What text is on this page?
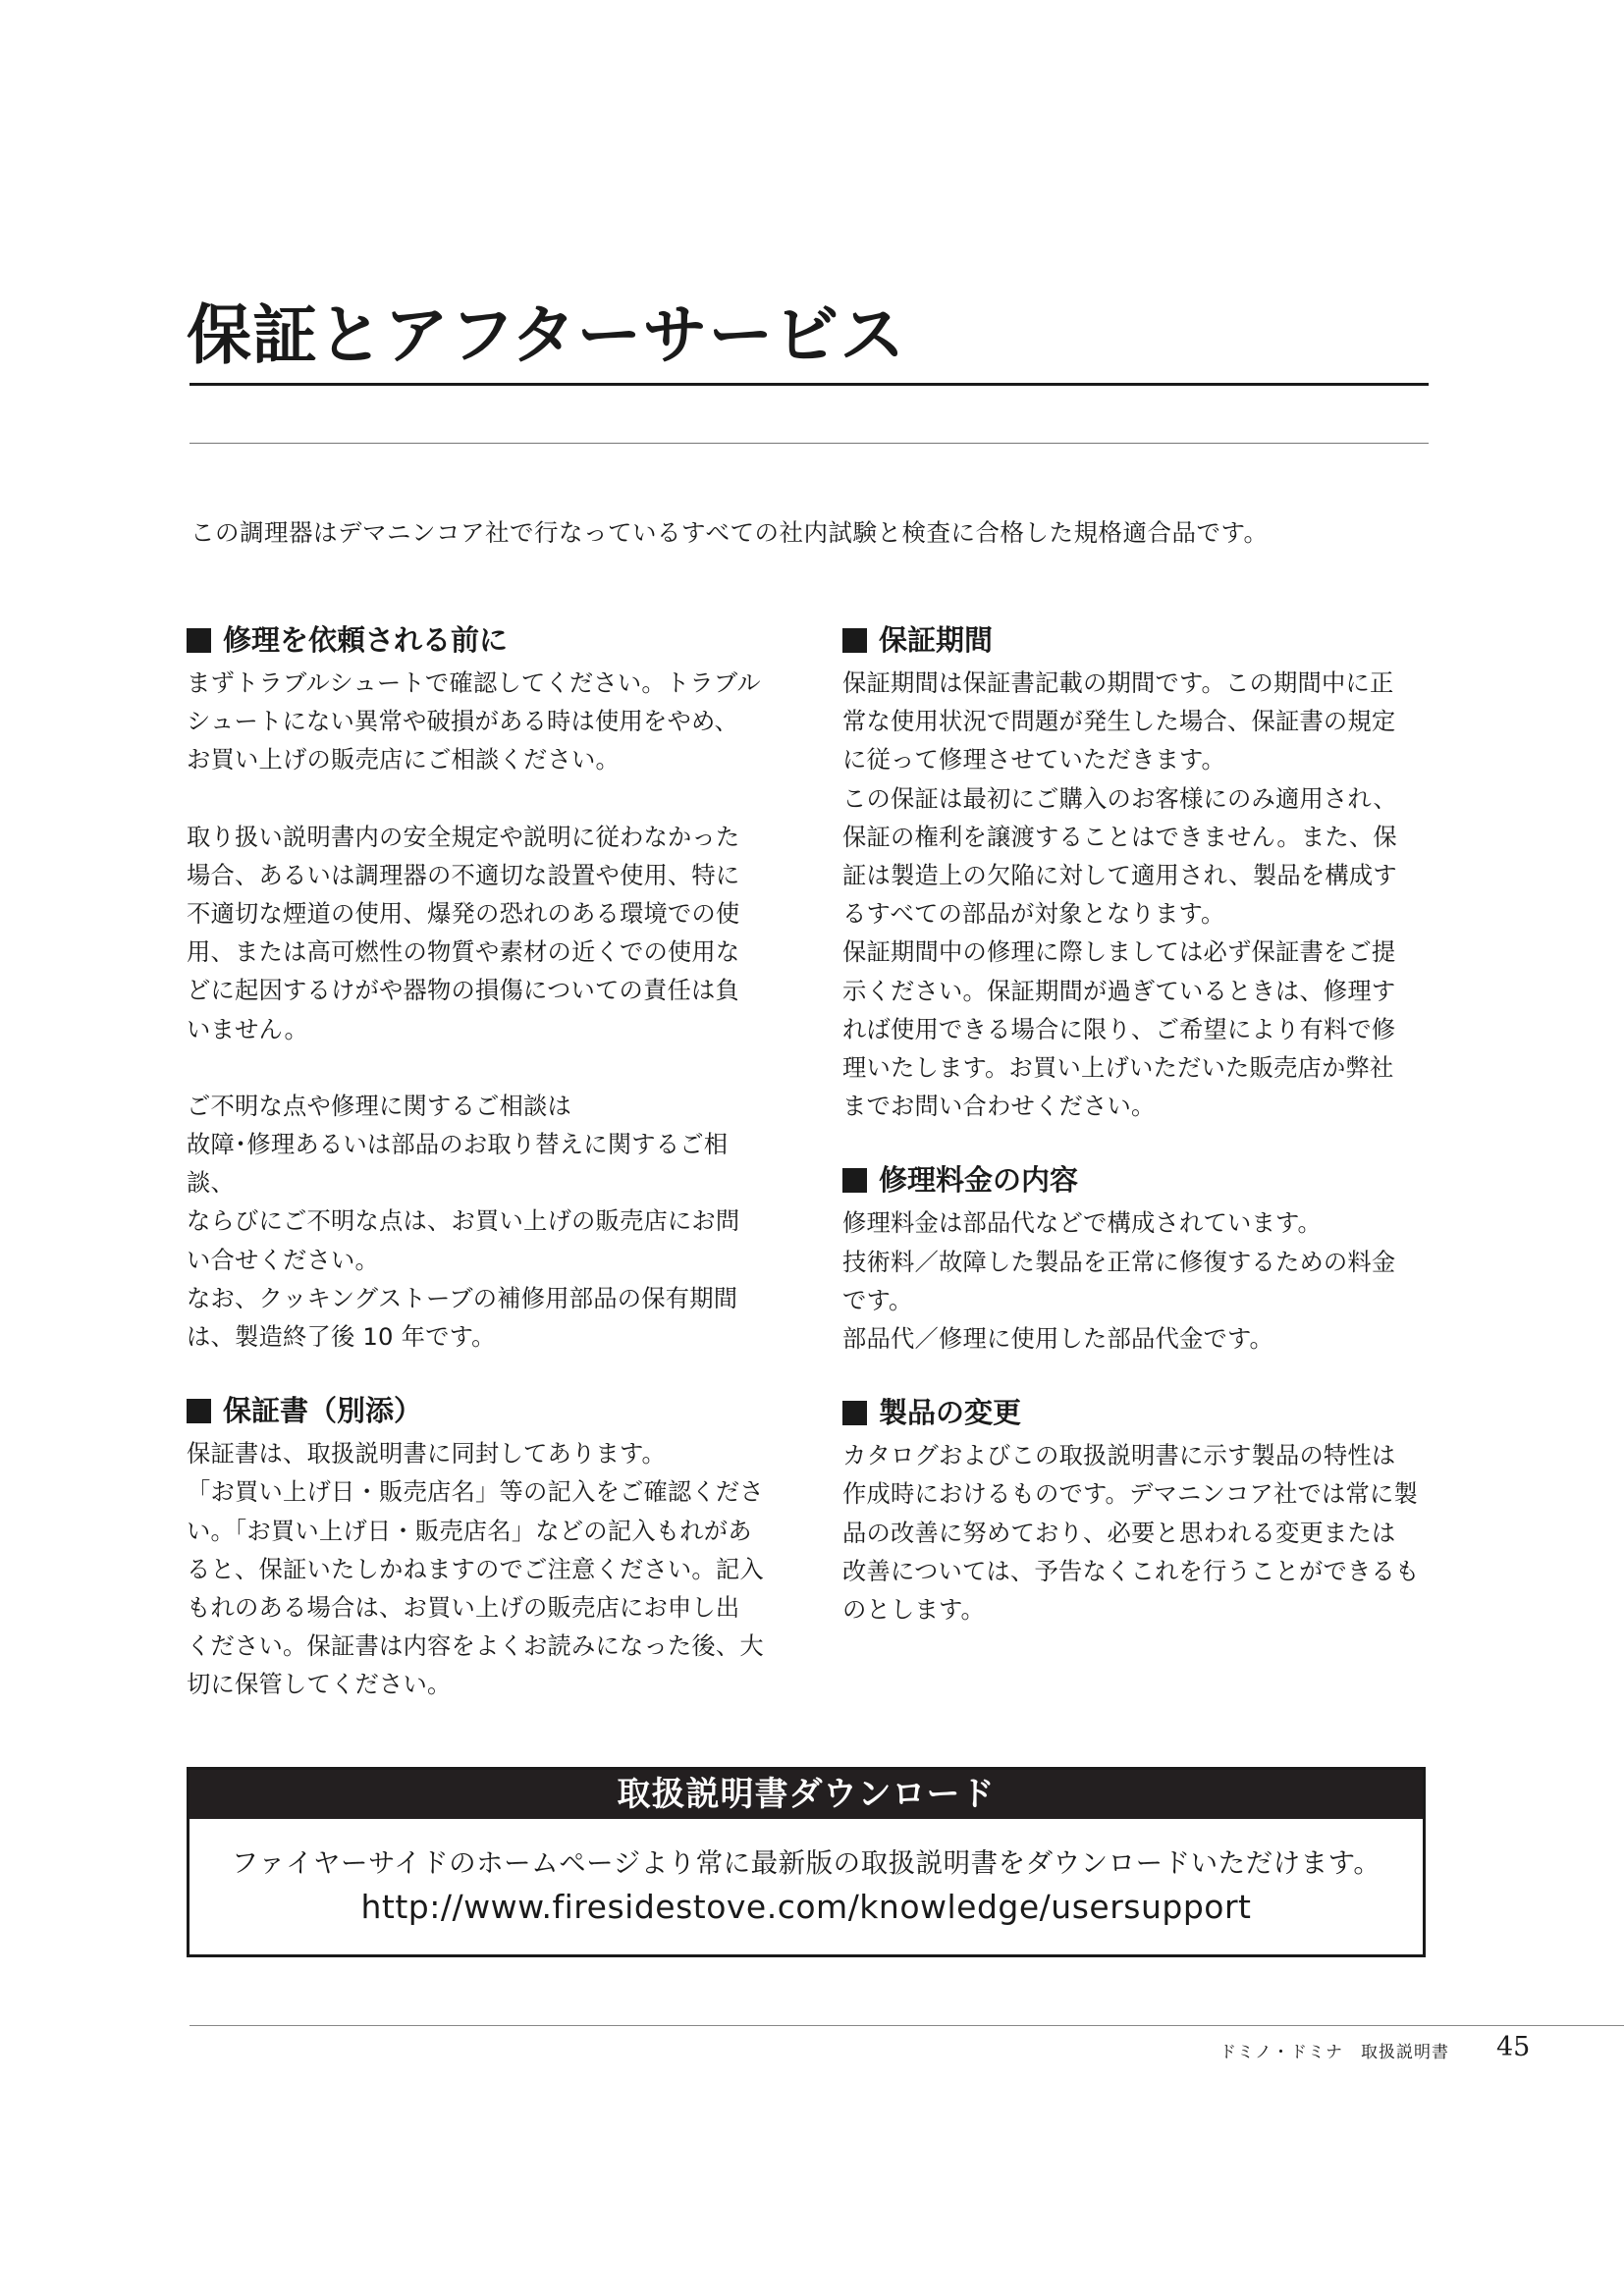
保証とアフターサービス

この調理器はデマニンコア社で行なっているすべての社内試験と検査に合格した規格適合品です。

修理を依頼される前に

まずトラブルシュートで確認してください。トラブル
シュートにない異常や破損がある時は使用をやめ、
お買い上げの販売店にご相談ください。

取り扱い説明書内の安全規定や説明に従わなかった
場合、あるいは調理器の不適切な設置や使用、特に
不適切な煙道の使用、爆発の恐れのある環境での使
用、または高可燃性の物質や素材の近くでの使用な
どに起因するけがや器物の損傷についての責任は負
いません。

ご不明な点や修理に関するご相談は
故障･修理あるいは部品のお取り替えに関するご相談、
ならびにご不明な点は、お買い上げの販売店にお問
い合せください。
なお、クッキングストーブの補修用部品の保有期間
は、製造終了後 10 年です。

保証書（別添）

保証書は、取扱説明書に同封してあります。
「お買い上げ日・販売店名」等の記入をご確認くださ
い。「お買い上げ日・販売店名」などの記入もれがあ
ると、保証いたしかねますのでご注意ください。記入
もれのある場合は、お買い上げの販売店にお申し出
ください。保証書は内容をよくお読みになった後、大
切に保管してください。

保証期間

保証期間は保証書記載の期間です。この期間中に正
常な使用状況で問題が発生した場合、保証書の規定
に従って修理させていただきます。
この保証は最初にご購入のお客様にのみ適用され、
保証の権利を譲渡することはできません。また、保
証は製造上の欠陥に対して適用され、製品を構成す
るすべての部品が対象となります。
保証期間中の修理に際しましては必ず保証書をご提
示ください。保証期間が過ぎているときは、修理す
れば使用できる場合に限り、ご希望により有料で修
理いたします。お買い上げいただいた販売店か弊社
までお問い合わせください。

修理料金の内容

修理料金は部品代などで構成されています。
技術料／故障した製品を正常に修復するための料金
です。
部品代／修理に使用した部品代金です。

製品の変更

カタログおよびこの取扱説明書に示す製品の特性は
作成時におけるものです。デマニンコア社では常に製
品の改善に努めており、必要と思われる変更または
改善については、予告なくこれを行うことができるも
のとします。

取扱説明書ダウンロード
ファイヤーサイドのホームページより常に最新版の取扱説明書をダウンロードいただけます。
http://www.firesidestove.com/knowledge/usersupport
ドミノ・ドミナ　取扱説明書 45
